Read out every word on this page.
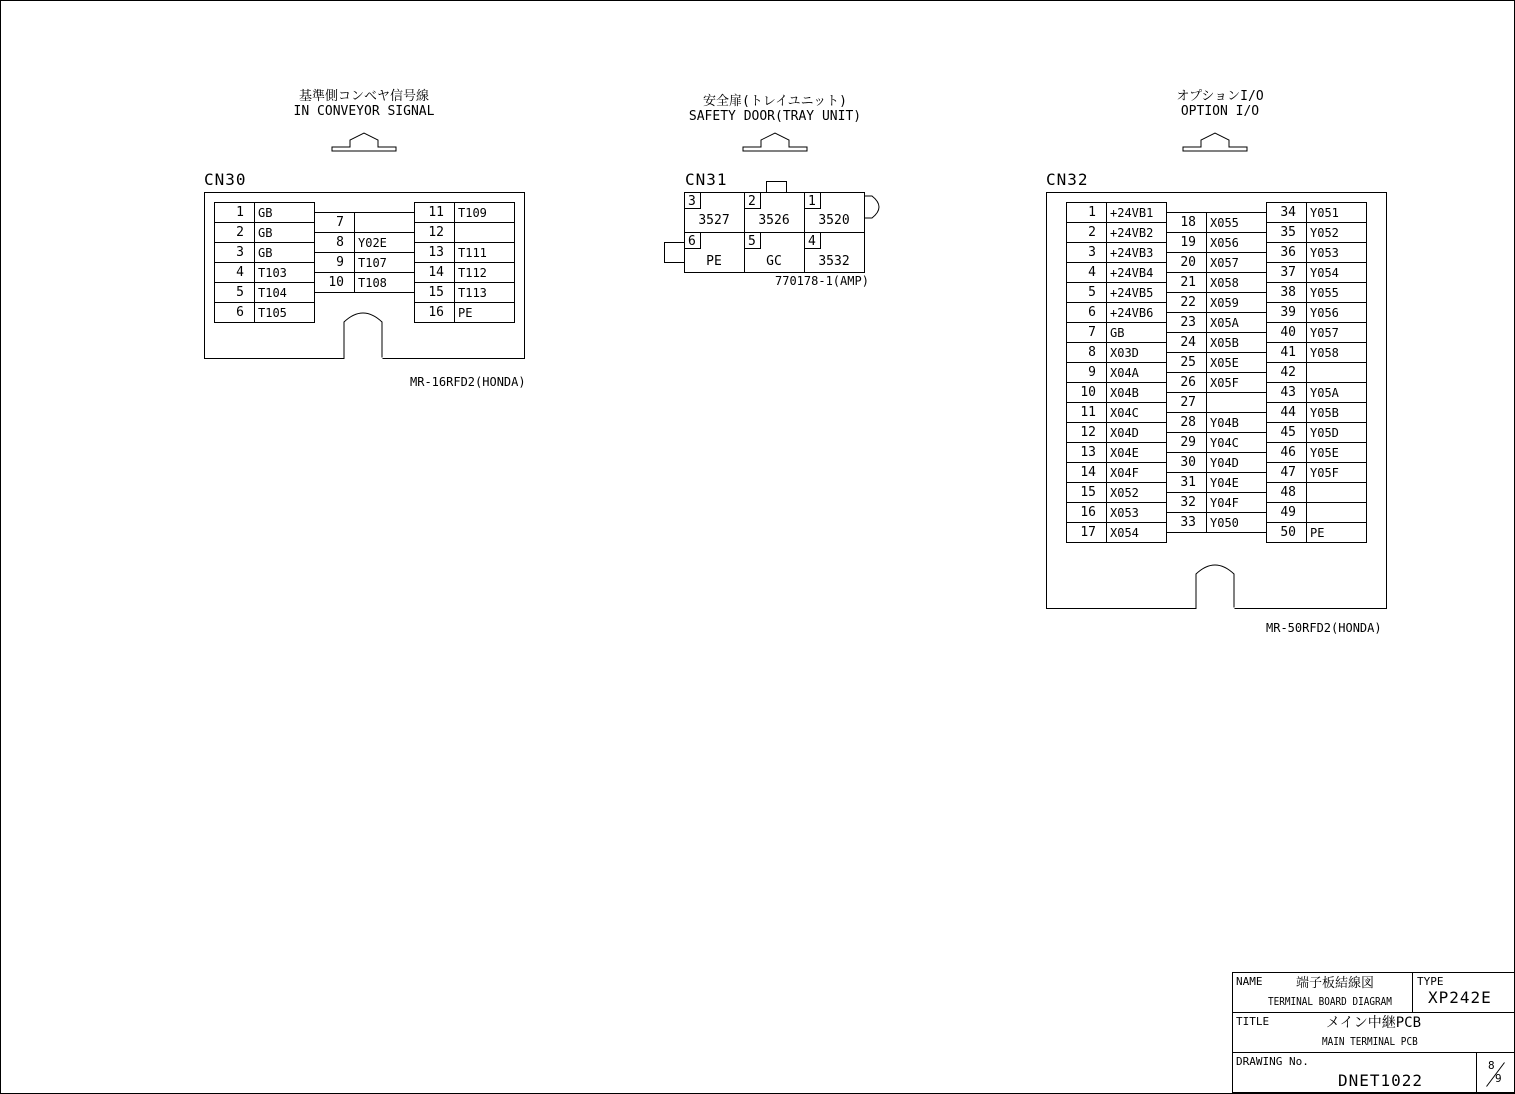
基準側コンベヤ信号線
IN CONVEYOR SIGNAL
CN30
MR-16RFD2(HONDA)
安全扉(トレイユニット)
SAFETY DOOR(TRAY UNIT)
CN31
770178-1(AMP)
オプションI/O
OPTION I/O
CN32
MR-50RFD2(HONDA)
NAME	端子板結線図
TERMINAL BOARD DIAGRAM
TYPE
XP242E
TITLE	メイン中継PCB
MAIN TERMINAL PCB
DRAWING No.
DNET1022
8
9
1 GB
2 GB
3 GB
4 T103
5 T104
6 T105
7
8 Y02E
9 T107
10 T108
11 T109
12
13 T111
14 T112
15 T113
16 PE
3
3527
2
3526
1
3520
6
PE
5
GC
4
3532
1 +24VB1
2 +24VB2
3 +24VB3
4 +24VB4
5 +24VB5
6 +24VB6
7 GB
8 X03D
9 X04A
10 X04B
11 X04C
12 X04D
13 X04E
14 X04F
15 X052
16 X053
17 X054
18 X055
19 X056
20 X057
21 X058
22 X059
23 X05A
24 X05B
25 X05E
26 X05F
27
28 Y04B
29 Y04C
30 Y04D
31 Y04E
32 Y04F
33 Y050
34 Y051
35 Y052
36 Y053
37 Y054
38 Y055
39 Y056
40 Y057
41 Y058
42
43 Y05A
44 Y05B
45 Y05D
46 Y05E
47 Y05F
48
49
50 PE
